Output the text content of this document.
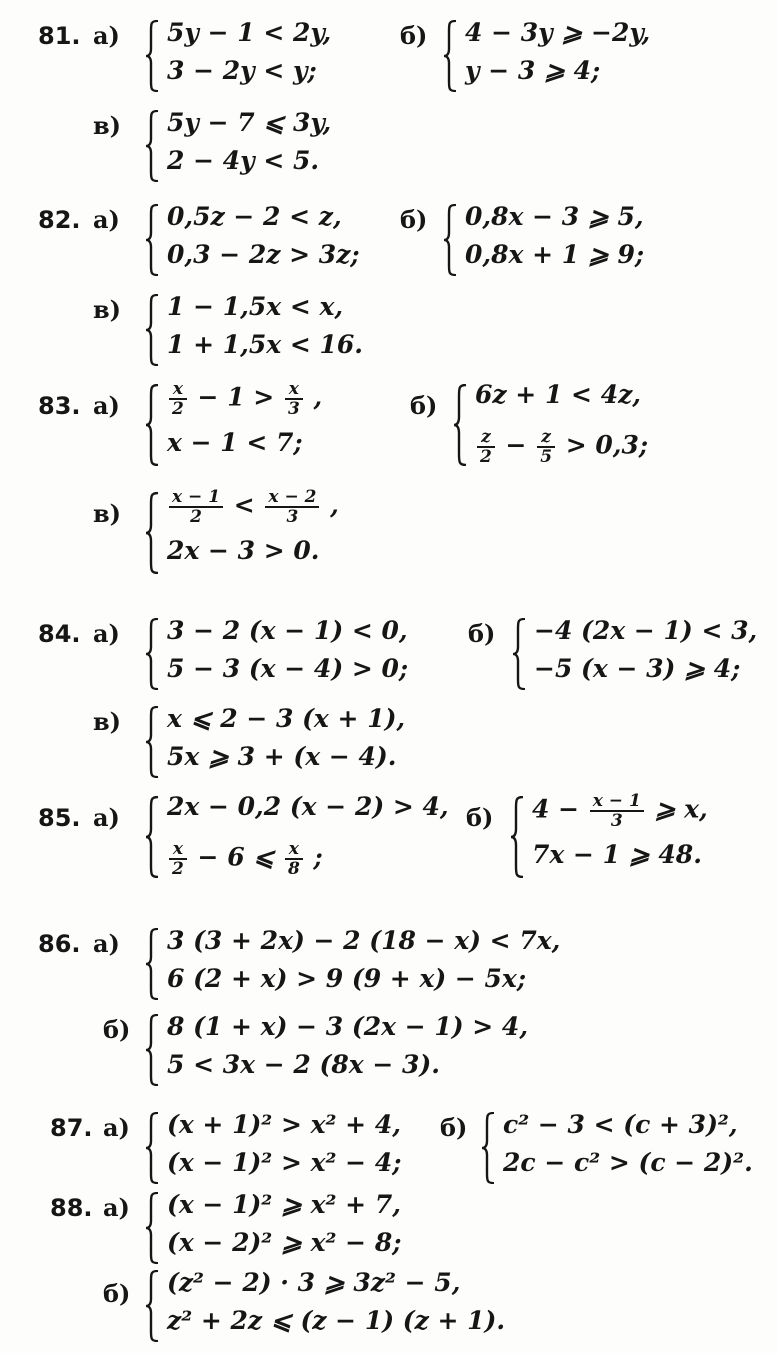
81. а) 5y − 1 < 2y,
3 − 2y < y;
б) 4 − 3y ⩾ −2y,
y − 3 ⩾ 4;
в) 5y − 7 ⩽ 3y,
2 − 4y < 5.
82. а) 0,5z − 2 < z,
0,3 − 2z > 3z;
б) 0,8x − 3 ⩾ 5,
0,8x + 1 ⩾ 9;
в) 1 − 1,5x < x,
1 + 1,5x < 16.
83. а)	$\frac{x}{2} - 1 > \frac{x}{3}$ ,
x − 1 < 7;
б) 6z + 1 < 4z,
$\frac{z}{2} - \frac{z}{5} > 0,3$;
в)	$\frac{x - 1}{2} < \frac{x - 2}{3}$ ,
2x − 3 > 0.
84. а) 3 − 2 (x − 1) < 0,
5 − 3 (x − 4) > 0;
б) −4 (2x − 1) < 3,
−5 (x − 3) ⩾ 4;
в) x ⩽ 2 − 3 (x + 1),
5x ⩾ 3 + (x − 4).
85. а) 2x − 0,2 (x − 2) > 4,
$\frac{x}{2} - 6$ ⩽ $\frac{x}{8}$ ;
б) $4 - \frac{x - 1}{3}$ ⩾ x,
7x − 1 ⩾ 48.
86. а) 3 (3 + 2x) − 2 (18 − x) < 7x,
6 (2 + x) > 9 (9 + x) − 5x;
б) 8 (1 + x) − 3 (2x − 1) > 4,
5 < 3x − 2 (8x − 3).
87. а) (x + 1)² > x² + 4,
(x − 1)² > x² − 4;
б) c² − 3 < (c + 3)²,
2c − c² > (c − 2)².
88. а) (x − 1)² ⩾ x² + 7,
(x − 2)² ⩾ x² − 8;
б) (z² − 2) · 3 ⩾ 3z² − 5,
z² + 2z ⩽ (z − 1) (z + 1).
